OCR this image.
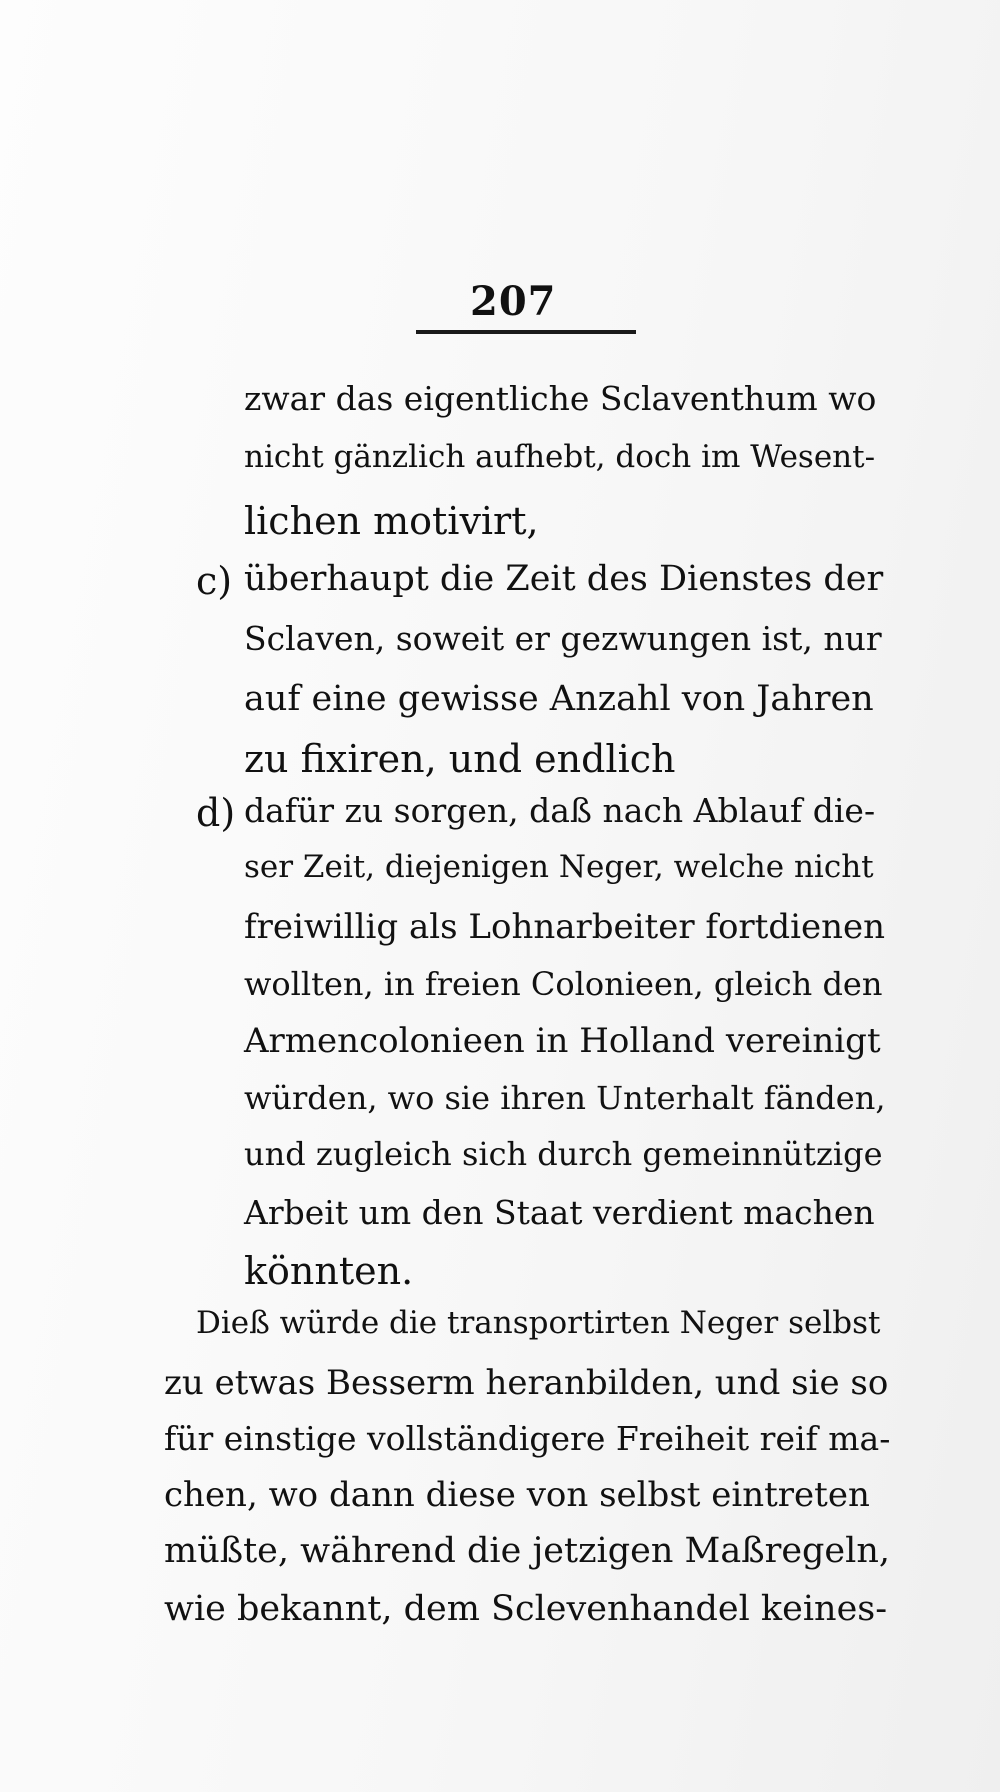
207
zwar das eigentliche Sclaventhum wo
nicht gänzlich aufhebt, doch im Wesent-
lichen motivirt,
c) überhaupt die Zeit des Dienstes der
Sclaven, soweit er gezwungen ist, nur
auf eine gewisse Anzahl von Jahren
zu fixiren, und endlich
d) dafür zu sorgen, daß nach Ablauf die-
ser Zeit, diejenigen Neger, welche nicht
freiwillig als Lohnarbeiter fortdienen
wollten, in freien Colonieen, gleich den
Armencolonieen in Holland vereinigt
würden, wo sie ihren Unterhalt fänden,
und zugleich sich durch gemeinnützige
Arbeit um den Staat verdient machen
könnten.
Dieß würde die transportirten Neger selbst
zu etwas Besserm heranbilden, und sie so
für einstige vollständigere Freiheit reif ma-
chen, wo dann diese von selbst eintreten
müßte, während die jetzigen Maßregeln,
wie bekannt, dem Sclevenhandel keines-
